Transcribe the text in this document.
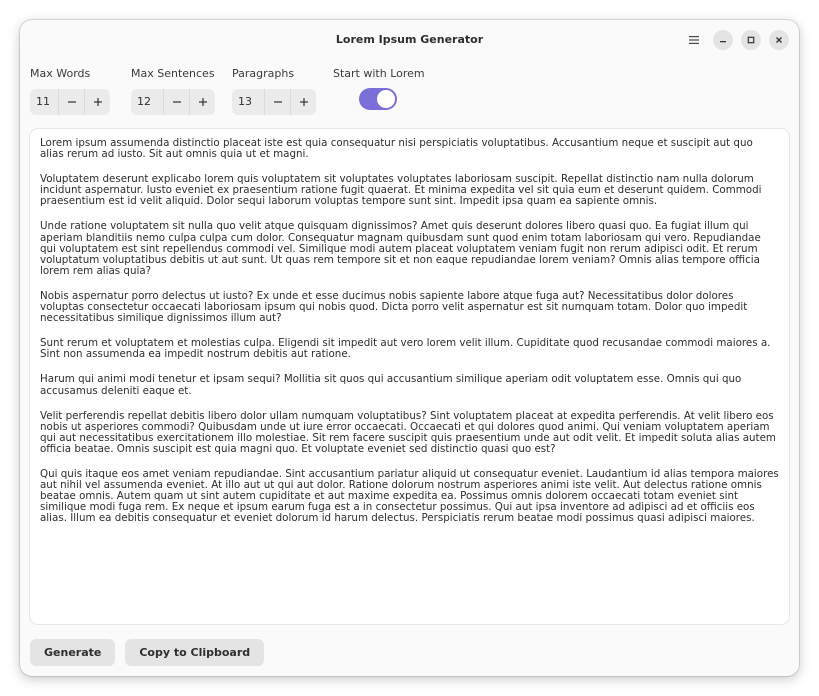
Lorem Ipsum Generator
Max Words
11
Max Sentences
12
Paragraphs
13
Start with Lorem

Lorem ipsum assumenda distinctio placeat iste est quia consequatur nisi perspiciatis voluptatibus. Accusantium neque et suscipit aut quo alias rerum ad iusto. Sit aut omnis quia ut et magni.

Voluptatem deserunt explicabo lorem quis voluptatem sit voluptates voluptates laboriosam suscipit. Repellat distinctio nam nulla dolorum incidunt aspernatur. Iusto eveniet ex praesentium ratione fugit quaerat. Et minima expedita vel sit quia eum et deserunt quidem. Commodi praesentium est id velit aliquid. Dolor sequi laborum voluptas tempore sunt sint. Impedit ipsa quam ea sapiente omnis.

Unde ratione voluptatem sit nulla quo velit atque quisquam dignissimos? Amet quis deserunt dolores libero quasi quo. Ea fugiat illum qui aperiam blanditiis nemo culpa culpa cum dolor. Consequatur magnam quibusdam sunt quod enim totam laboriosam qui vero. Repudiandae qui voluptatem est sint repellendus commodi vel. Similique modi autem placeat voluptatem veniam fugit non rerum adipisci odit. Et rerum voluptatum voluptatibus debitis ut aut sunt. Ut quas rem tempore sit et non eaque repudiandae lorem veniam? Omnis alias tempore officia lorem rem alias quia?

Nobis aspernatur porro delectus ut iusto? Ex unde et esse ducimus nobis sapiente labore atque fuga aut? Necessitatibus dolor dolores voluptas consectetur occaecati laboriosam ipsum qui nobis quod. Dicta porro velit aspernatur est sit numquam totam. Dolor quo impedit necessitatibus similique dignissimos illum aut?

Sunt rerum et voluptatem et molestias culpa. Eligendi sit impedit aut vero lorem velit illum. Cupiditate quod recusandae commodi maiores a. Sint non assumenda ea impedit nostrum debitis aut ratione.

Harum qui animi modi tenetur et ipsam sequi? Mollitia sit quos qui accusantium similique aperiam odit voluptatem esse. Omnis qui quo accusamus deleniti eaque et.

Velit perferendis repellat debitis libero dolor ullam numquam voluptatibus? Sint voluptatem placeat at expedita perferendis. At velit libero eos nobis ut asperiores commodi? Quibusdam unde ut iure error occaecati. Occaecati et qui dolores quod animi. Qui veniam voluptatem aperiam qui aut necessitatibus exercitationem illo molestiae. Sit rem facere suscipit quis praesentium unde aut odit velit. Et impedit soluta alias autem officia beatae. Omnis suscipit est quia magni quo. Et voluptate eveniet sed distinctio quasi quo est?

Qui quis itaque eos amet veniam repudiandae. Sint accusantium pariatur aliquid ut consequatur eveniet. Laudantium id alias tempora maiores aut nihil vel assumenda eveniet. At illo aut ut qui aut dolor. Ratione dolorum nostrum asperiores animi iste velit. Aut delectus ratione omnis beatae omnis. Autem quam ut sint autem cupiditate et aut maxime expedita ea. Possimus omnis dolorem occaecati totam eveniet sint similique modi fuga rem. Ex neque et ipsum earum fuga est a in consectetur possimus. Qui aut ipsa inventore ad adipisci ad et officiis eos alias. Illum ea debitis consequatur et eveniet dolorum id harum delectus. Perspiciatis rerum beatae modi possimus quasi adipisci maiores.

Generate	Copy to Clipboard
